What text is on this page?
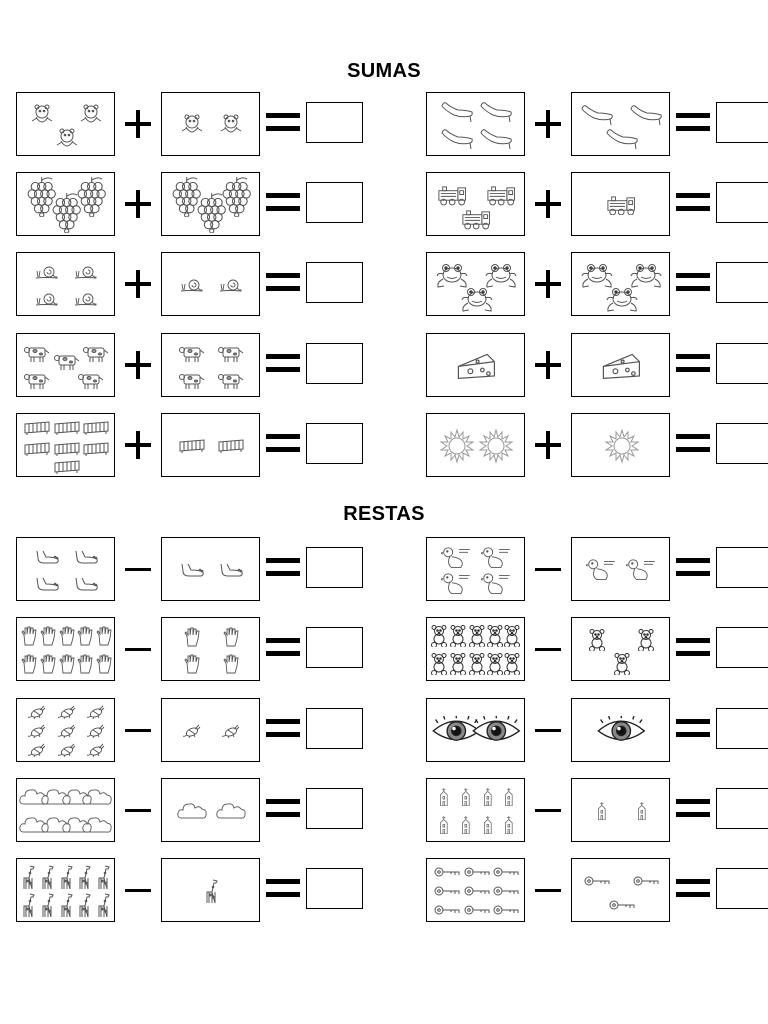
SUMAS
RESTAS
